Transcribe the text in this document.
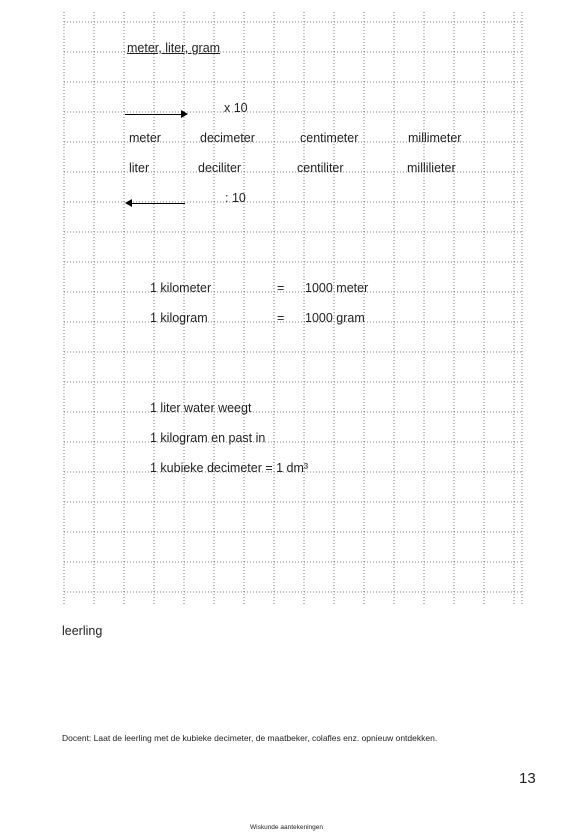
meter, liter, gram
x 10
meter	decimeter	centimeter	millimeter
liter	deciliter	centiliter	millilieter
: 10
1 kilometer	= 1000 meter
1 kilogram	= 1000 gram
1 liter water weegt
1 kilogram en past in
1 kubieke decimeter = 1 dm³
leerling
Docent: Laat de leerling met de kubieke decimeter, de maatbeker, colafles enz. opnieuw ontdekken.
13
Wiskunde aantekeningen
